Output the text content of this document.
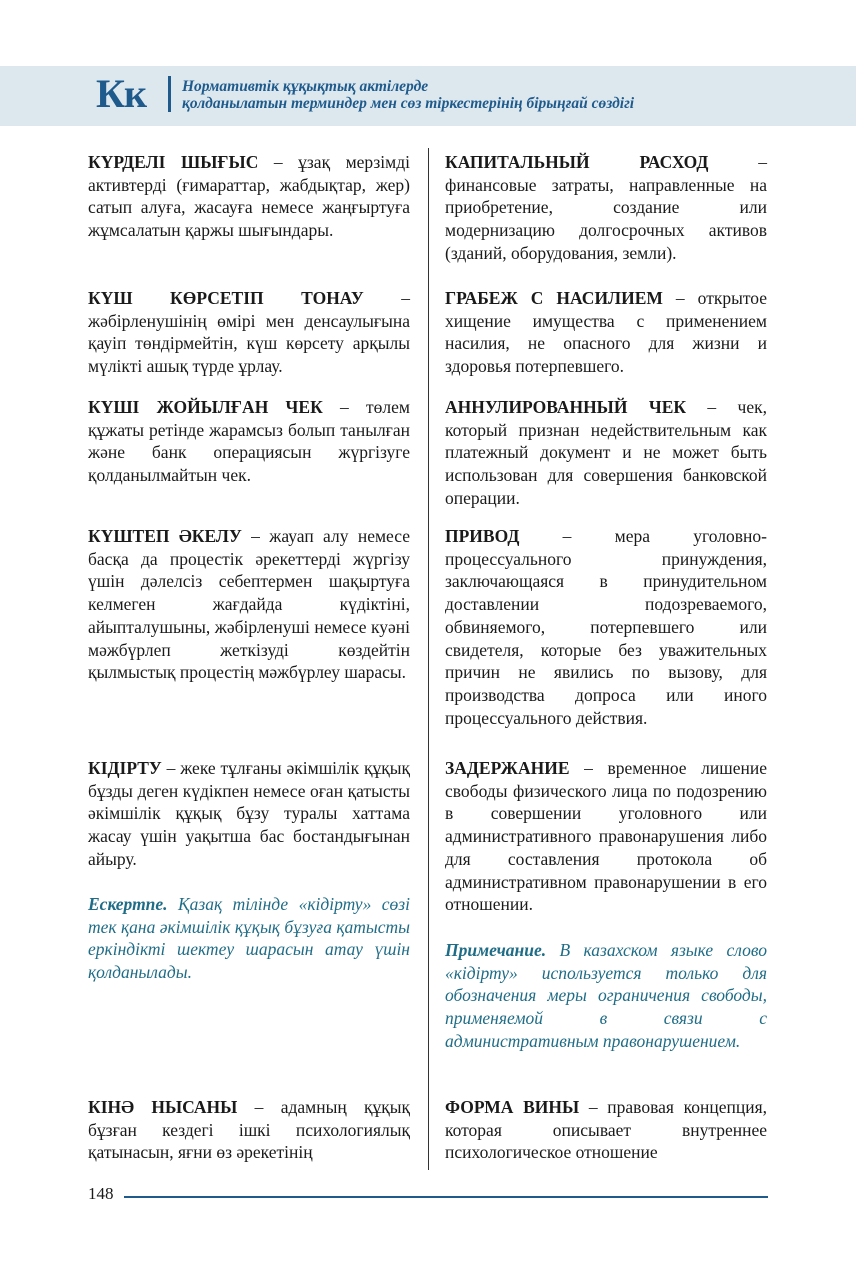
Кк Нормативтік құқықтық актілерде
қолданылатын терминдер мен сөз тіркестерінің бірыңғай сөздігі
КҮРДЕЛІ ШЫҒЫС – ұзақ мерзімді активтерді (ғимараттар, жабдықтар, жер) сатып алуға, жасауға немесе жаңғыртуға жұмсалатын қаржы шығындары.
КАПИТАЛЬНЫЙ РАСХОД – финансовые затраты, направленные на приобретение, создание или модернизацию долгосрочных активов (зданий, оборудования, земли).
КҮШ КӨРСЕТІП ТОНАУ – жәбірленушінің өмірі мен денсаулығына қауіп төндірмейтін, күш көрсету арқылы мүлікті ашық түрде ұрлау.
ГРАБЕЖ С НАСИЛИЕМ – открытое хищение имущества с применением насилия, не опасного для жизни и здоровья потерпевшего.
КҮШІ ЖОЙЫЛҒАН ЧЕК – төлем құжаты ретінде жарамсыз болып танылған және банк операциясын жүргізуге қолданылмайтын чек.
АННУЛИРОВАННЫЙ ЧЕК – чек, который признан недействительным как платежный документ и не может быть использован для совершения банковской операции.
КҮШТЕП ӘКЕЛУ – жауап алу немесе басқа да процестік әрекеттерді жүргізу үшін дәлелсіз себептермен шақыртуға келмеген жағдайда күдіктіні, айыпталушыны, жәбірленуші немесе куәні мәжбүрлеп жеткізуді көздейтін қылмыстық процестің мәжбүрлеу шарасы.
ПРИВОД – мера уголовно-процессуального принуждения, заключающаяся в принудительном доставлении подозреваемого, обвиняемого, потерпевшего или свидетеля, которые без уважительных причин не явились по вызову, для производства допроса или иного процессуального действия.
КІДІРТУ – жеке тұлғаны әкімшілік құқық бұзды деген күдікпен немесе оған қатысты әкімшілік құқық бұзу туралы хаттама жасау үшін уақытша бас бостандығынан айыру.
ЗАДЕРЖАНИЕ – временное лишение свободы физического лица по подозрению в совершении уголовного или административного правонарушения либо для составления протокола об административном правонарушении в его отношении.
Ескертпе. Қазақ тілінде «кідірту» сөзі тек қана әкімшілік құқық бұзуға қатысты еркіндікті шектеу шарасын атау үшін қолданылады.
Примечание. В казахском языке слово «кідірту» используется только для обозначения меры ограничения свободы, применяемой в связи с административным правонарушением.
КІНӘ НЫСАНЫ – адамның құқық бұзған кездегі ішкі психологиялық қатынасын, яғни өз әрекетінің
ФОРМА ВИНЫ – правовая концепция, которая описывает внутреннее психологическое отношение
148
